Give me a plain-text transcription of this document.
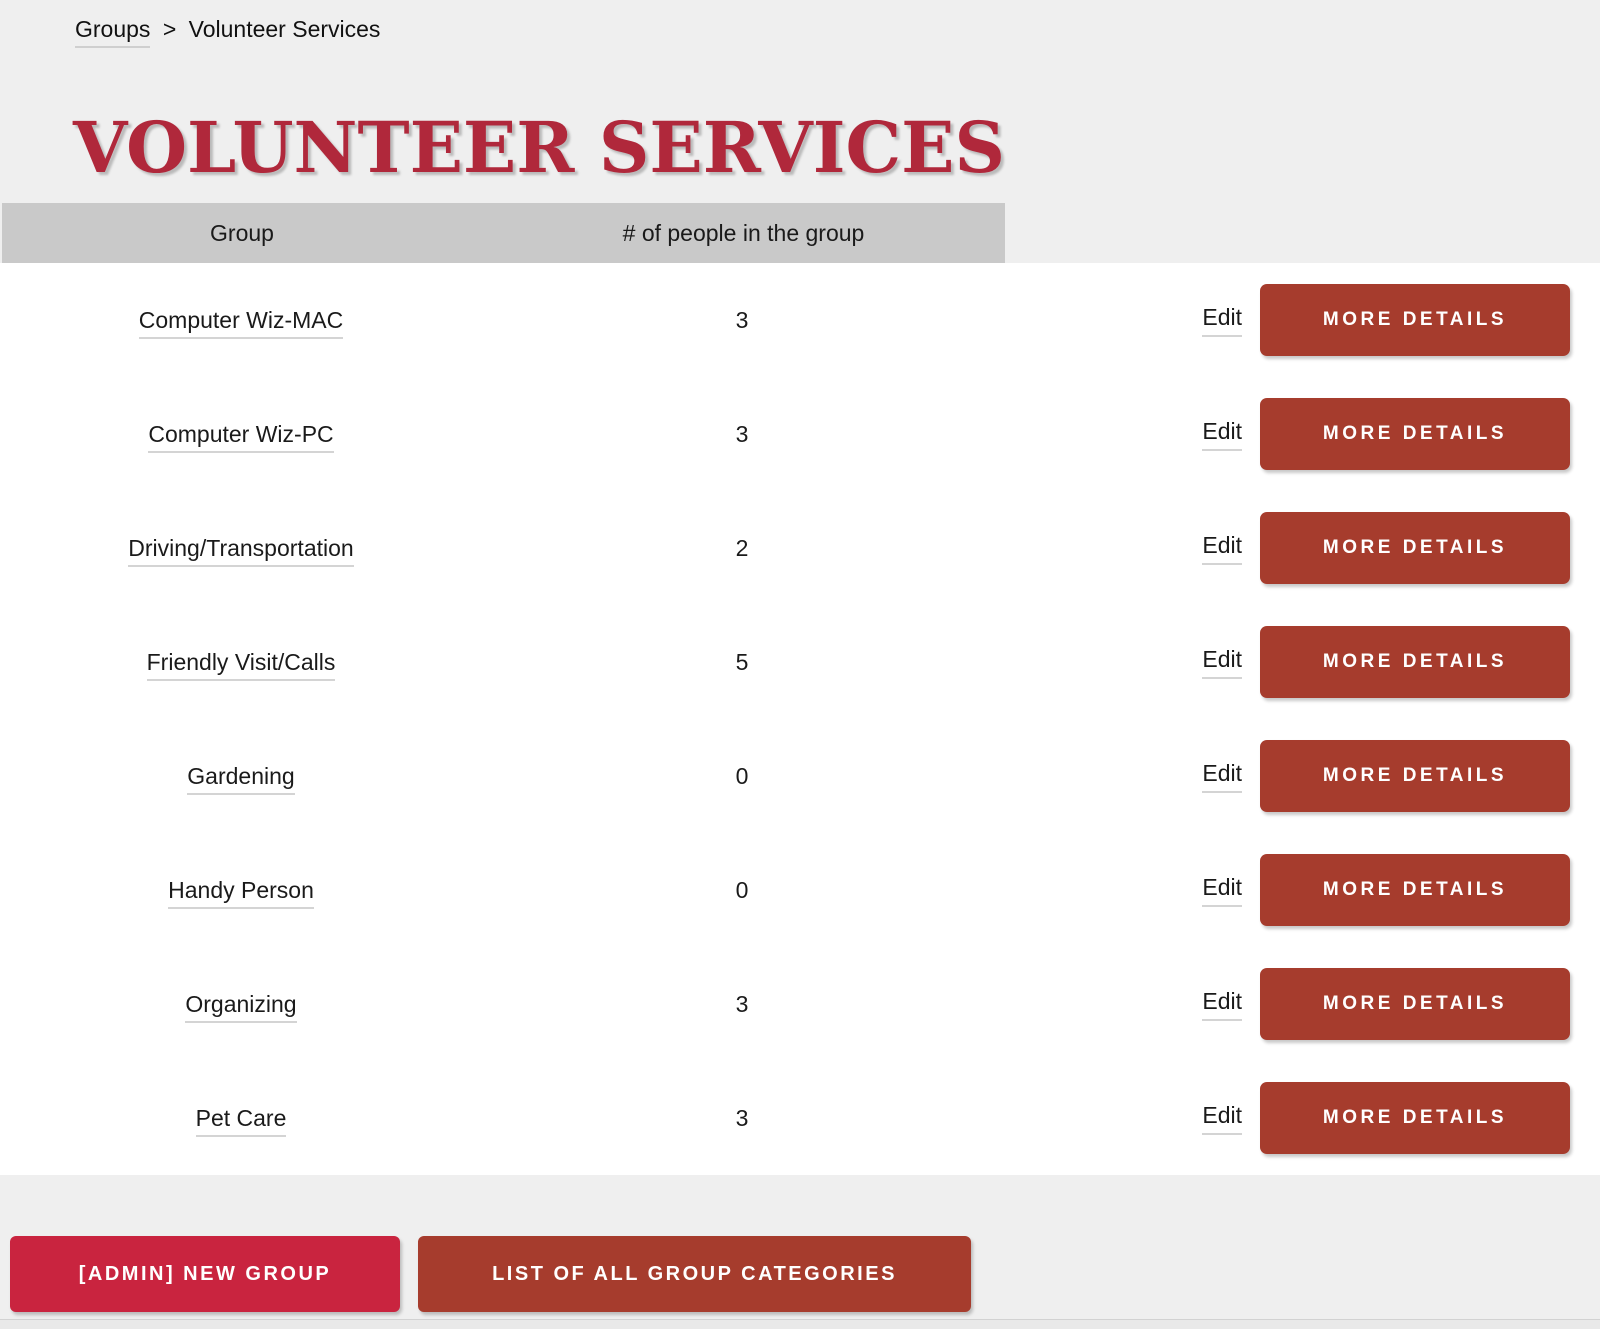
Groups > Volunteer Services
VOLUNTEER SERVICES
Group	# of people in the group
Computer Wiz-MAC	3	Edit	MORE DETAILS
Computer Wiz-PC	3	Edit	MORE DETAILS
Driving/Transportation	2	Edit	MORE DETAILS
Friendly Visit/Calls	5	Edit	MORE DETAILS
Gardening	0	Edit	MORE DETAILS
Handy Person	0	Edit	MORE DETAILS
Organizing	3	Edit	MORE DETAILS
Pet Care	3	Edit	MORE DETAILS
[ADMIN] NEW GROUP	LIST OF ALL GROUP CATEGORIES
